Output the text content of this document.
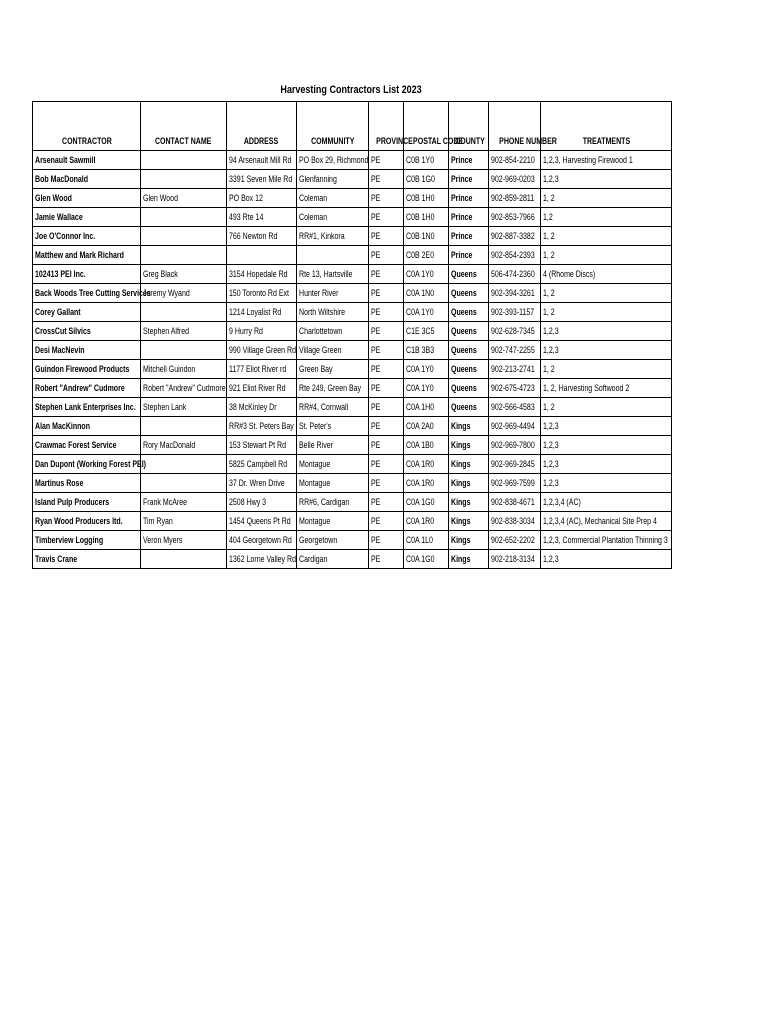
Harvesting Contractors List 2023
CONTRACTOR	CONTACT NAME	ADDRESS	COMMUNITY	PROVINCE	POSTAL CODE	COUNTY	PHONE NUMBER	TREATMENTS
Arsenault Sawmill		94 Arsenault Mill Rd	PO Box 29, Richmond	PE	C0B 1Y0	Prince	902-854-2210	1,2,3, Harvesting Firewood 1
Bob MacDonald		3391 Seven Mile Rd	Glenfanning	PE	C0B 1G0	Prince	902-969-0203	1,2,3
Glen Wood	Glen Wood	PO Box 12	Coleman	PE	C0B 1H0	Prince	902-859-2811	1, 2
Jamie Wallace		493 Rte 14	Coleman	PE	C0B 1H0	Prince	902-853-7966	1,2
Joe O'Connor Inc.		766 Newton Rd	RR#1, Kinkora	PE	C0B 1N0	Prince	902-887-3382	1, 2
Matthew and Mark Richard				PE	C0B 2E0	Prince	902-854-2393	1, 2
102413 PEI Inc.	Greg Black	3154 Hopedale Rd	Rte 13, Hartsville	PE	C0A 1Y0	Queens	506-474-2360	4 (Rhome Discs)
Back Woods Tree Cutting Services	Jeremy Wyand	150 Toronto Rd Ext	Hunter River	PE	C0A 1N0	Queens	902-394-3261	1, 2
Corey Gallant		1214 Loyalist Rd	North Wiltshire	PE	C0A 1Y0	Queens	902-393-1157	1, 2
CrossCut Silvics	Stephen Alfred	9 Hurry Rd	Charlottetown	PE	C1E 3C5	Queens	902-628-7345	1,2,3
Desi MacNevin		990 Village Green Rd	Village Green	PE	C1B 3B3	Queens	902-747-2255	1,2,3
Guindon Firewood Products	Mitchell Guindon	1177 Eliot River rd	Green Bay	PE	C0A 1Y0	Queens	902-213-2741	1, 2
Robert "Andrew" Cudmore	Robert "Andrew" Cudmore	921 Eliot River Rd	Rte 249, Green Bay	PE	C0A 1Y0	Queens	902-675-4723	1, 2, Harvesting Softwood 2
Stephen Lank Enterprises Inc.	Stephen Lank	38 McKinley Dr	RR#4, Cornwall	PE	C0A 1H0	Queens	902-566-4583	1, 2
Alan MacKinnon		RR#3 St. Peters Bay	St. Peter's	PE	C0A 2A0	Kings	902-969-4494	1,2,3
Crawmac Forest Service	Rory MacDonald	153 Stewart Pt Rd	Belle River	PE	C0A 1B0	Kings	902-969-7800	1,2,3
Dan Dupont (Working Forest PEI)		5825 Campbell Rd	Montague	PE	C0A 1R0	Kings	902-969-2845	1,2,3
Martinus Rose		37 Dr. Wren Drive	Montague	PE	C0A 1R0	Kings	902-969-7599	1,2,3
Island Pulp Producers	Frank McAree	2508 Hwy 3	RR#6, Cardigan	PE	C0A 1G0	Kings	902-838-4671	1,2,3,4 (AC)
Ryan Wood Producers ltd.	Tim Ryan	1454 Queens Pt Rd	Montague	PE	C0A 1R0	Kings	902-838-3034	1,2,3,4 (AC), Mechanical Site Prep 4
Timberview Logging	Veron Myers	404 Georgetown Rd	Georgetown	PE	C0A 1L0	Kings	902-652-2202	1,2,3, Commercial Plantation Thinning 3
Travis Crane		1362 Lorne Valley Rd	Cardigan	PE	C0A 1G0	Kings	902-218-3134	1,2,3
